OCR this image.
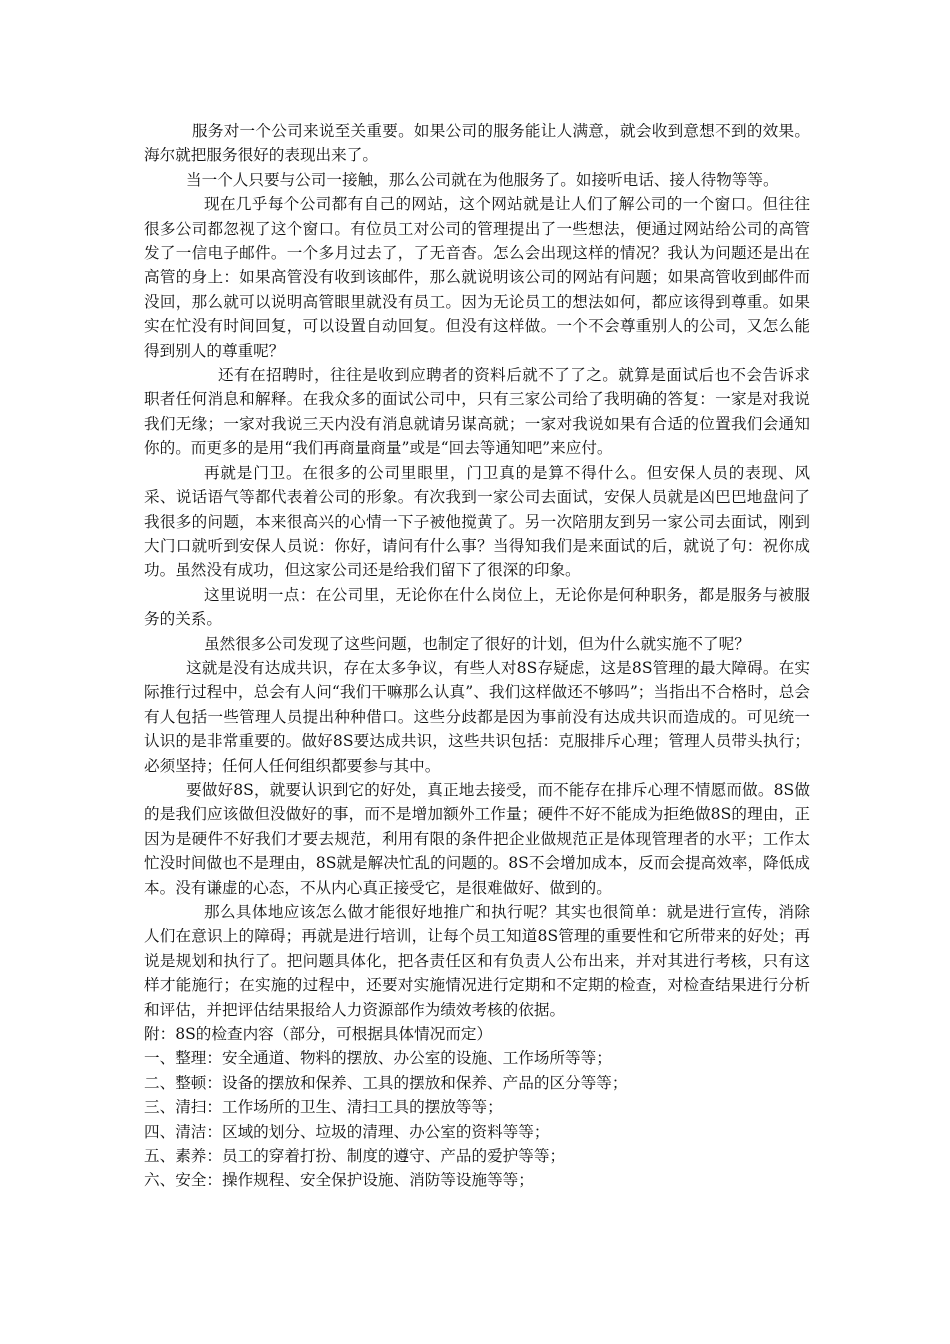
服务对一个公司来说至关重要。如果公司的服务能让人满意，就会收到意想不到的效果。海尔就把服务很好的表现出来了。

当一个人只要与公司一接触，那么公司就在为他服务了。如接听电话、接人待物等等。

现在几乎每个公司都有自己的网站，这个网站就是让人们了解公司的一个窗口。但往往很多公司都忽视了这个窗口。有位员工对公司的管理提出了一些想法，便通过网站给公司的高管发了一信电子邮件。一个多月过去了，了无音杳。怎么会出现这样的情况？我认为问题还是出在高管的身上：如果高管没有收到该邮件，那么就说明该公司的网站有问题；如果高管收到邮件而没回，那么就可以说明高管眼里就没有员工。因为无论员工的想法如何，都应该得到尊重。如果实在忙没有时间回复，可以设置自动回复。但没有这样做。一个不会尊重别人的公司，又怎么能得到别人的尊重呢？

还有在招聘时，往往是收到应聘者的资料后就不了了之。就算是面试后也不会告诉求职者任何消息和解释。在我众多的面试公司中，只有三家公司给了我明确的答复：一家是对我说我们无缘；一家对我说三天内没有消息就请另谋高就；一家对我说如果有合适的位置我们会通知你的。而更多的是用“我们再商量商量”或是“回去等通知吧”来应付。

再就是门卫。在很多的公司里眼里，门卫真的是算不得什么。但安保人员的表现、风采、说话语气等都代表着公司的形象。有次我到一家公司去面试，安保人员就是凶巴巴地盘问了我很多的问题，本来很高兴的心情一下子被他搅黄了。另一次陪朋友到另一家公司去面试，刚到大门口就听到安保人员说：你好，请问有什么事？当得知我们是来面试的后，就说了句：祝你成功。虽然没有成功，但这家公司还是给我们留下了很深的印象。

这里说明一点：在公司里，无论你在什么岗位上，无论你是何种职务，都是服务与被服务的关系。

虽然很多公司发现了这些问题，也制定了很好的计划，但为什么就实施不了呢？

这就是没有达成共识，存在太多争议，有些人对8S存疑虑，这是8S管理的最大障碍。在实际推行过程中，总会有人问“我们干嘛那么认真”、我们这样做还不够吗”；当指出不合格时，总会有人包括一些管理人员提出种种借口。这些分歧都是因为事前没有达成共识而造成的。可见统一认识的是非常重要的。做好8S要达成共识，这些共识包括：克服排斥心理；管理人员带头执行；必须坚持；任何人任何组织都要参与其中。

要做好8S，就要认识到它的好处，真正地去接受，而不能存在排斥心理不情愿而做。8S做的是我们应该做但没做好的事，而不是增加额外工作量；硬件不好不能成为拒绝做8S的理由，正因为是硬件不好我们才要去规范，利用有限的条件把企业做规范正是体现管理者的水平；工作太忙没时间做也不是理由，8S就是解决忙乱的问题的。8S不会增加成本，反而会提高效率，降低成本。没有谦虚的心态，不从内心真正接受它，是很难做好、做到的。

那么具体地应该怎么做才能很好地推广和执行呢？其实也很简单：就是进行宣传，消除人们在意识上的障碍；再就是进行培训，让每个员工知道8S管理的重要性和它所带来的好处；再说是规划和执行了。把问题具体化，把各责任区和有负责人公布出来，并对其进行考核，只有这样才能施行；在实施的过程中，还要对实施情况进行定期和不定期的检查，对检查结果进行分析和评估，并把评估结果报给人力资源部作为绩效考核的依据。

附：8S的检查内容（部分，可根据具体情况而定）

一、整理：安全通道、物料的摆放、办公室的设施、工作场所等等；

二、整顿：设备的摆放和保养、工具的摆放和保养、产品的区分等等；

三、清扫：工作场所的卫生、清扫工具的摆放等等；

四、清洁：区域的划分、垃圾的清理、办公室的资料等等；

五、素养：员工的穿着打扮、制度的遵守、产品的爱护等等；

六、安全：操作规程、安全保护设施、消防等设施等等；
